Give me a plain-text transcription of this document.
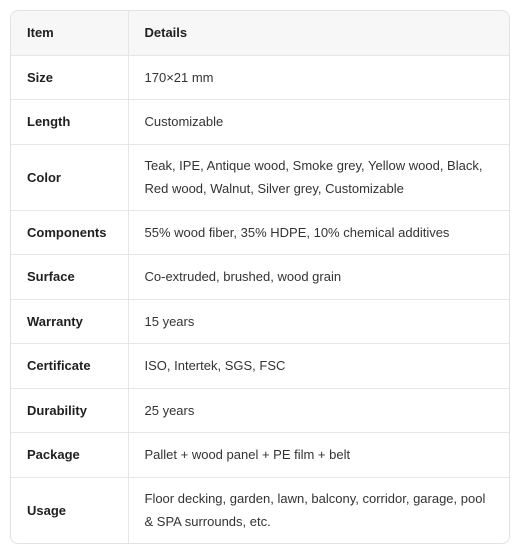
Item	Details
Size	170×21 mm
Length	Customizable
Color	Teak, IPE, Antique wood, Smoke grey, Yellow wood, Black, Red wood, Walnut, Silver grey, Customizable
Components	55% wood fiber, 35% HDPE, 10% chemical additives
Surface	Co-extruded, brushed, wood grain
Warranty	15 years
Certificate	ISO, Intertek, SGS, FSC
Durability	25 years
Package	Pallet + wood panel + PE film + belt
Usage	Floor decking, garden, lawn, balcony, corridor, garage, pool & SPA surrounds, etc.
